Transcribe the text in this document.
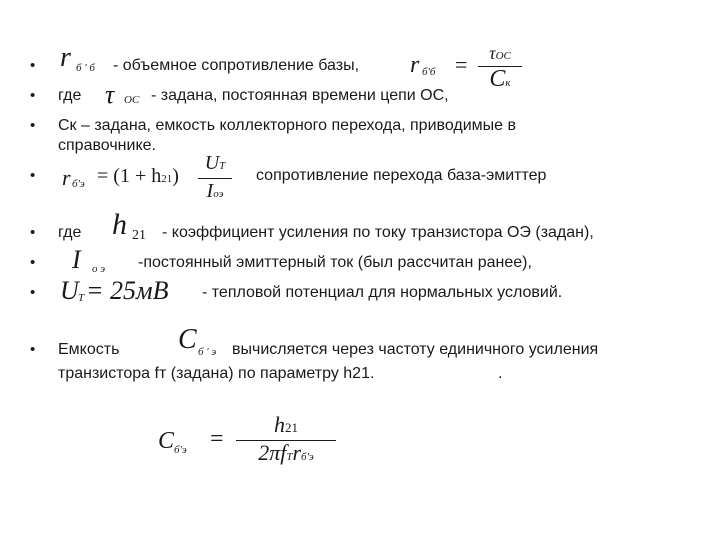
•
•
•
•
•
•
•
•
r б ' б - объемное сопротивление базы, r б'б =	τОС
Cк
где τ ОС - задана, постоянная времени цепи ОС,
Cк – задана, емкость коллекторного перехода, приводимые в
справочнике.
r б'э = (1 + h21)
UT
Iоэ
сопротивление перехода база-эмиттер
где h 21 - коэффициент усиления по току транзистора ОЭ (задан),
I о э -постоянный эмиттерный ток (был рассчитан ранее),
U T = 25мВ - тепловой потенциал для нормальных условий.
Емкость C б ' э вычисляется через частоту единичного усиления
транзистора fт (задана) по параметру h21.	.
C б'э =
h21
2πfTrб'э
